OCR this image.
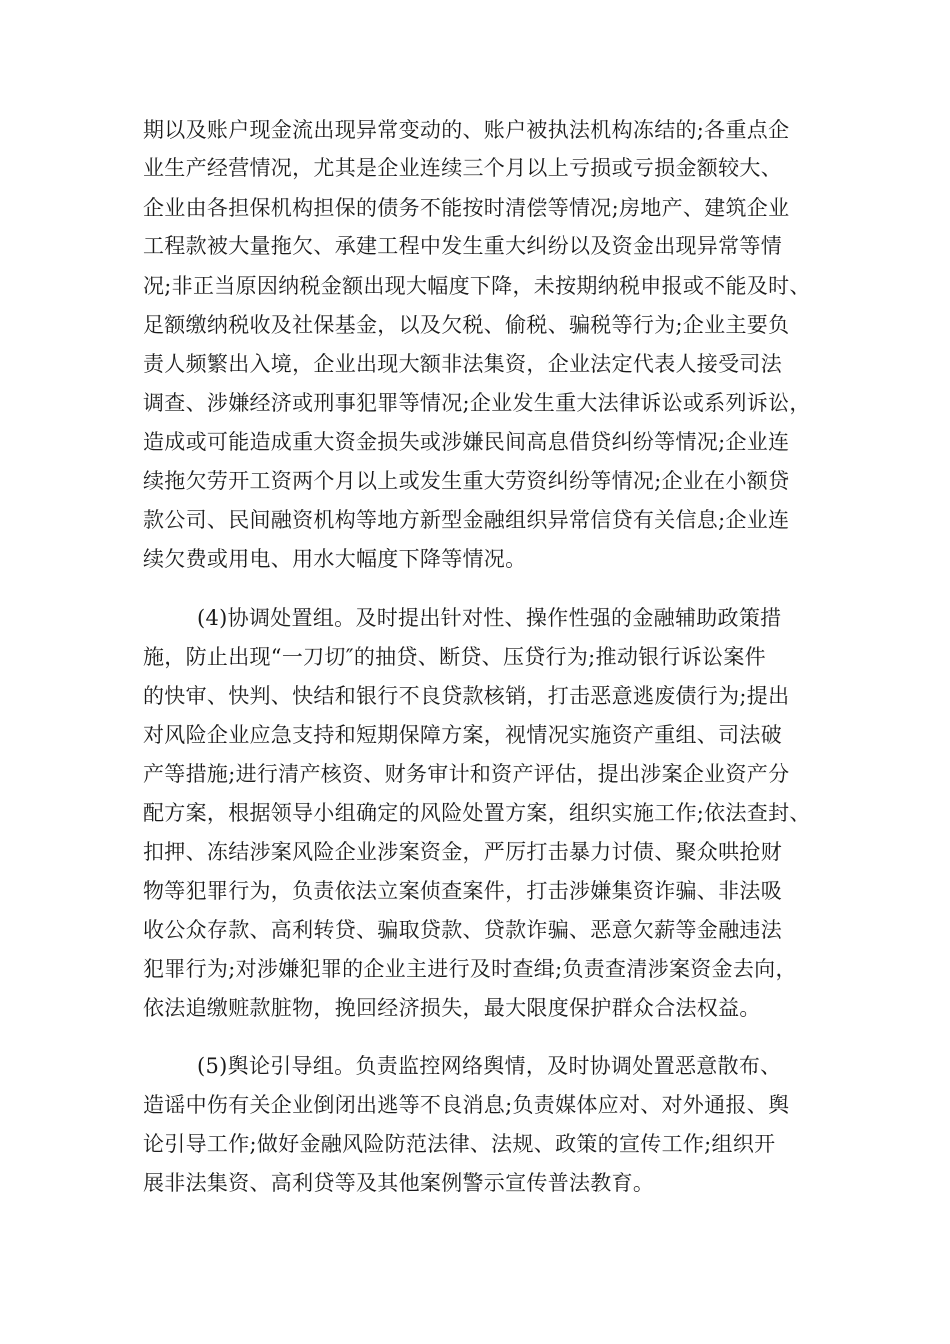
期以及账户现金流出现异常变动的、账户被执法机构冻结的;各重点企

业生产经营情况，尤其是企业连续三个月以上亏损或亏损金额较大、

企业由各担保机构担保的债务不能按时清偿等情况;房地产、建筑企业

工程款被大量拖欠、承建工程中发生重大纠纷以及资金出现异常等情

况;非正当原因纳税金额出现大幅度下降，未按期纳税申报或不能及时、

足额缴纳税收及社保基金，以及欠税、偷税、骗税等行为;企业主要负

责人频繁出入境，企业出现大额非法集资，企业法定代表人接受司法

调查、涉嫌经济或刑事犯罪等情况;企业发生重大法律诉讼或系列诉讼，

造成或可能造成重大资金损失或涉嫌民间高息借贷纠纷等情况;企业连

续拖欠劳开工资两个月以上或发生重大劳资纠纷等情况;企业在小额贷

款公司、民间融资机构等地方新型金融组织异常信贷有关信息;企业连

续欠费或用电、用水大幅度下降等情况。

(4)协调处置组。及时提出针对性、操作性强的金融辅助政策措

施，防止出现“一刀切″的抽贷、断贷、压贷行为;推动银行诉讼案件

的快审、快判、快结和银行不良贷款核销，打击恶意逃废债行为;提出

对风险企业应急支持和短期保障方案，视情况实施资产重组、司法破

产等措施;进行清产核资、财务审计和资产评估，提出涉案企业资产分

配方案，根据领导小组确定的风险处置方案，组织实施工作;依法查封、

扣押、冻结涉案风险企业涉案资金，严厉打击暴力讨债、聚众哄抢财

物等犯罪行为，负责依法立案侦查案件，打击涉嫌集资诈骗、非法吸

收公众存款、高利转贷、骗取贷款、贷款诈骗、恶意欠薪等金融违法

犯罪行为;对涉嫌犯罪的企业主进行及时查缉;负责查清涉案资金去向，

依法追缴赃款脏物，挽回经济损失，最大限度保护群众合法权益。

(5)舆论引导组。负责监控网络舆情，及时协调处置恶意散布、

造谣中伤有关企业倒闭出逃等不良消息;负责媒体应对、对外通报、舆

论引导工作;做好金融风险防范法律、法规、政策的宣传工作;组织开

展非法集资、高利贷等及其他案例警示宣传普法教育。
